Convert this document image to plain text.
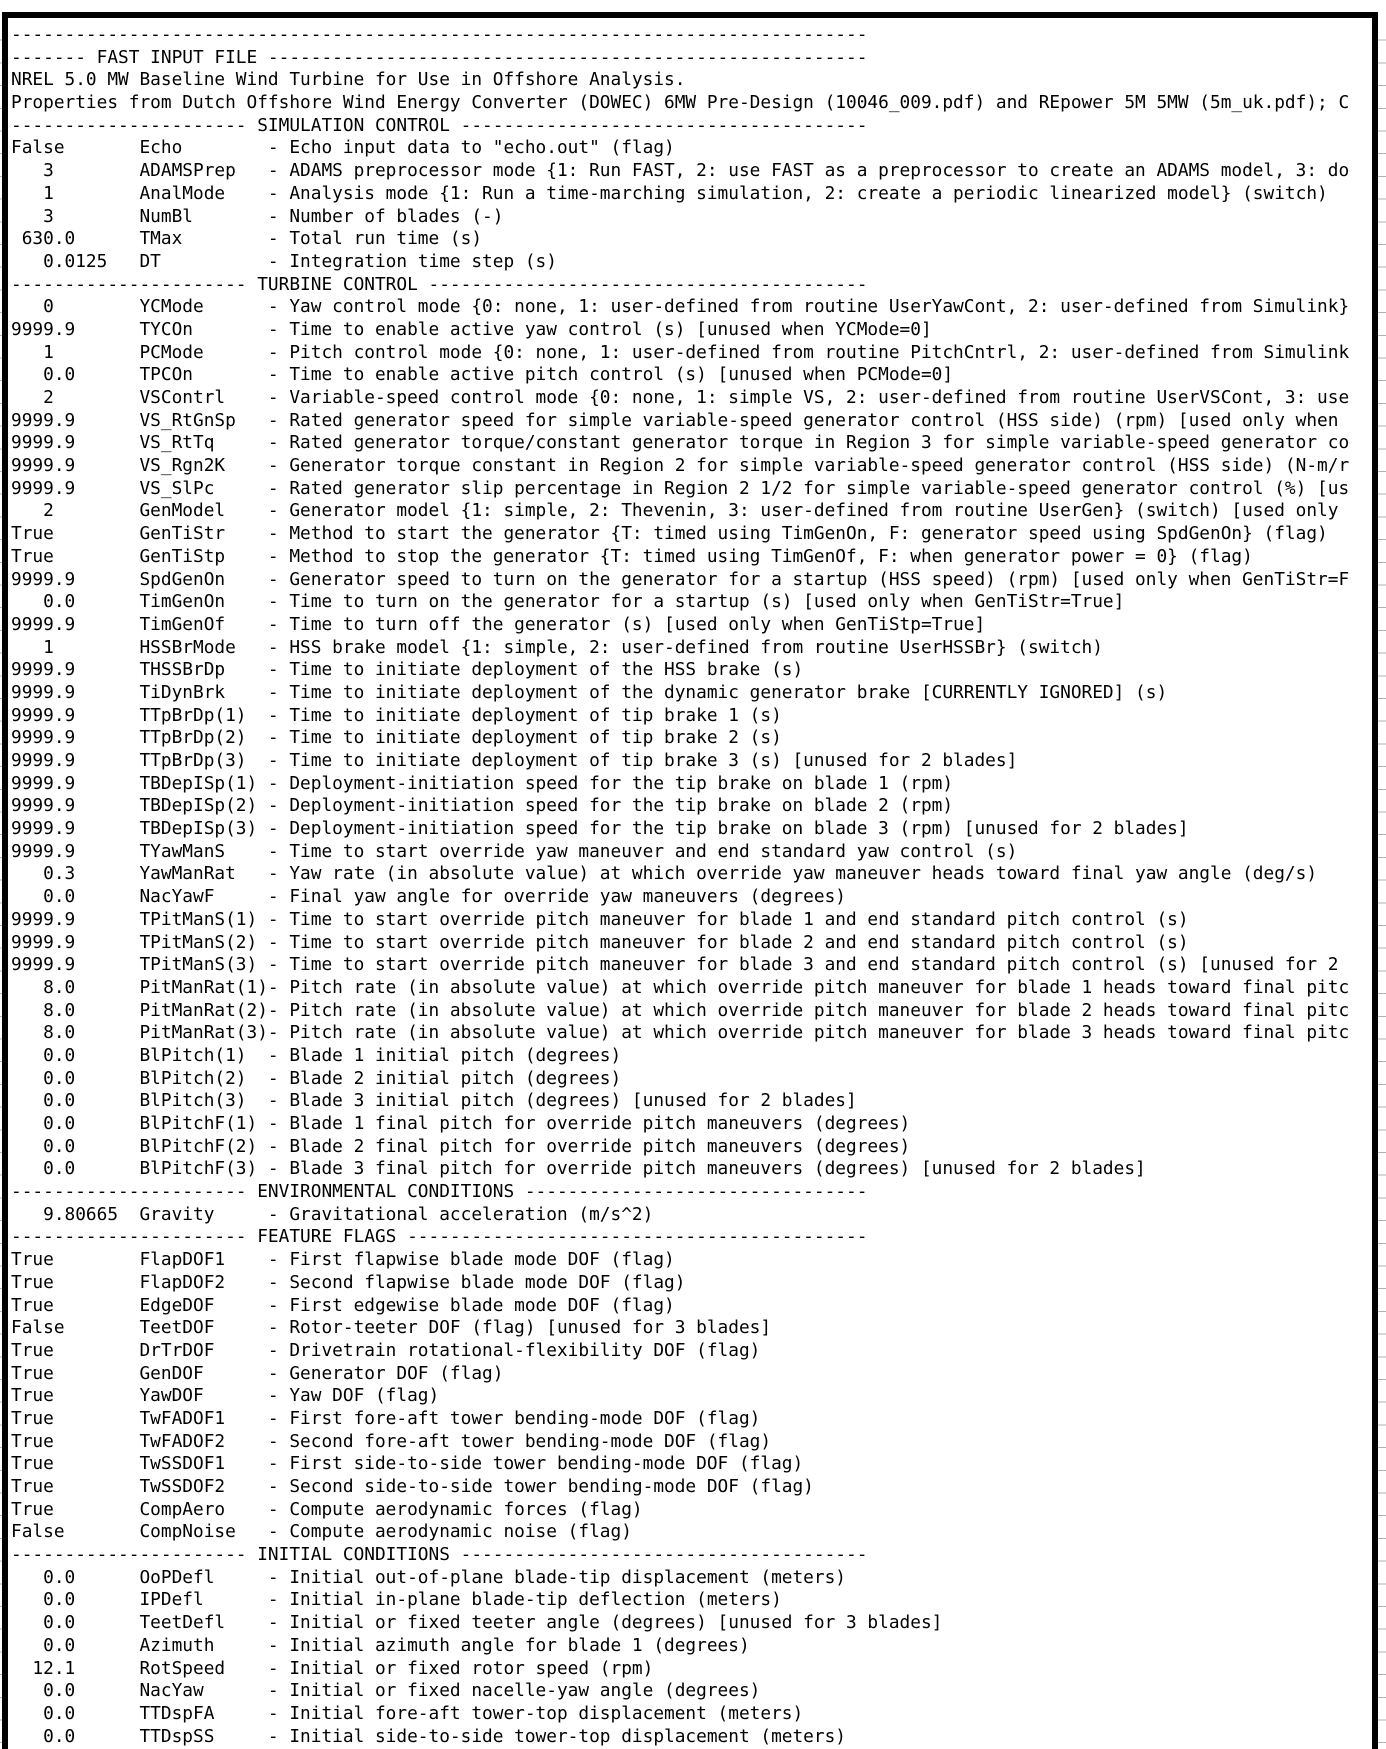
--------------------------------------------------------------------------------
------- FAST INPUT FILE --------------------------------------------------------
NREL 5.0 MW Baseline Wind Turbine for Use in Offshore Analysis.
Properties from Dutch Offshore Wind Energy Converter (DOWEC) 6MW Pre-Design (10046_009.pdf) and REpower 5M 5MW (5m_uk.pdf); C
---------------------- SIMULATION CONTROL --------------------------------------
False       Echo        - Echo input data to "echo.out" (flag)
3        ADAMSPrep   - ADAMS preprocessor mode {1: Run FAST, 2: use FAST as a preprocessor to create an ADAMS model, 3: do
1        AnalMode    - Analysis mode {1: Run a time-marching simulation, 2: create a periodic linearized model} (switch)
3        NumBl       - Number of blades (-)
630.0      TMax        - Total run time (s)
0.0125   DT          - Integration time step (s)
---------------------- TURBINE CONTROL -----------------------------------------
0        YCMode      - Yaw control mode {0: none, 1: user-defined from routine UserYawCont, 2: user-defined from Simulink}
9999.9      TYCOn       - Time to enable active yaw control (s) [unused when YCMode=0]
1        PCMode      - Pitch control mode {0: none, 1: user-defined from routine PitchCntrl, 2: user-defined from Simulink
0.0      TPCOn       - Time to enable active pitch control (s) [unused when PCMode=0]
2        VSContrl    - Variable-speed control mode {0: none, 1: simple VS, 2: user-defined from routine UserVSCont, 3: use
9999.9      VS_RtGnSp   - Rated generator speed for simple variable-speed generator control (HSS side) (rpm) [used only when
9999.9      VS_RtTq     - Rated generator torque/constant generator torque in Region 3 for simple variable-speed generator co
9999.9      VS_Rgn2K    - Generator torque constant in Region 2 for simple variable-speed generator control (HSS side) (N-m/r
9999.9      VS_SlPc     - Rated generator slip percentage in Region 2 1/2 for simple variable-speed generator control (%) [us
2        GenModel    - Generator model {1: simple, 2: Thevenin, 3: user-defined from routine UserGen} (switch) [used only
True        GenTiStr    - Method to start the generator {T: timed using TimGenOn, F: generator speed using SpdGenOn} (flag)
True        GenTiStp    - Method to stop the generator {T: timed using TimGenOf, F: when generator power = 0} (flag)
9999.9      SpdGenOn    - Generator speed to turn on the generator for a startup (HSS speed) (rpm) [used only when GenTiStr=F
0.0      TimGenOn    - Time to turn on the generator for a startup (s) [used only when GenTiStr=True]
9999.9      TimGenOf    - Time to turn off the generator (s) [used only when GenTiStp=True]
1        HSSBrMode   - HSS brake model {1: simple, 2: user-defined from routine UserHSSBr} (switch)
9999.9      THSSBrDp    - Time to initiate deployment of the HSS brake (s)
9999.9      TiDynBrk    - Time to initiate deployment of the dynamic generator brake [CURRENTLY IGNORED] (s)
9999.9      TTpBrDp(1)  - Time to initiate deployment of tip brake 1 (s)
9999.9      TTpBrDp(2)  - Time to initiate deployment of tip brake 2 (s)
9999.9      TTpBrDp(3)  - Time to initiate deployment of tip brake 3 (s) [unused for 2 blades]
9999.9      TBDepISp(1) - Deployment-initiation speed for the tip brake on blade 1 (rpm)
9999.9      TBDepISp(2) - Deployment-initiation speed for the tip brake on blade 2 (rpm)
9999.9      TBDepISp(3) - Deployment-initiation speed for the tip brake on blade 3 (rpm) [unused for 2 blades]
9999.9      TYawManS    - Time to start override yaw maneuver and end standard yaw control (s)
0.3      YawManRat   - Yaw rate (in absolute value) at which override yaw maneuver heads toward final yaw angle (deg/s)
0.0      NacYawF     - Final yaw angle for override yaw maneuvers (degrees)
9999.9      TPitManS(1) - Time to start override pitch maneuver for blade 1 and end standard pitch control (s)
9999.9      TPitManS(2) - Time to start override pitch maneuver for blade 2 and end standard pitch control (s)
9999.9      TPitManS(3) - Time to start override pitch maneuver for blade 3 and end standard pitch control (s) [unused for 2
8.0      PitManRat(1)- Pitch rate (in absolute value) at which override pitch maneuver for blade 1 heads toward final pitc
8.0      PitManRat(2)- Pitch rate (in absolute value) at which override pitch maneuver for blade 2 heads toward final pitc
8.0      PitManRat(3)- Pitch rate (in absolute value) at which override pitch maneuver for blade 3 heads toward final pitc
0.0      BlPitch(1)  - Blade 1 initial pitch (degrees)
0.0      BlPitch(2)  - Blade 2 initial pitch (degrees)
0.0      BlPitch(3)  - Blade 3 initial pitch (degrees) [unused for 2 blades]
0.0      BlPitchF(1) - Blade 1 final pitch for override pitch maneuvers (degrees)
0.0      BlPitchF(2) - Blade 2 final pitch for override pitch maneuvers (degrees)
0.0      BlPitchF(3) - Blade 3 final pitch for override pitch maneuvers (degrees) [unused for 2 blades]
---------------------- ENVIRONMENTAL CONDITIONS --------------------------------
9.80665  Gravity     - Gravitational acceleration (m/s^2)
---------------------- FEATURE FLAGS -------------------------------------------
True        FlapDOF1    - First flapwise blade mode DOF (flag)
True        FlapDOF2    - Second flapwise blade mode DOF (flag)
True        EdgeDOF     - First edgewise blade mode DOF (flag)
False       TeetDOF     - Rotor-teeter DOF (flag) [unused for 3 blades]
True        DrTrDOF     - Drivetrain rotational-flexibility DOF (flag)
True        GenDOF      - Generator DOF (flag)
True        YawDOF      - Yaw DOF (flag)
True        TwFADOF1    - First fore-aft tower bending-mode DOF (flag)
True        TwFADOF2    - Second fore-aft tower bending-mode DOF (flag)
True        TwSSDOF1    - First side-to-side tower bending-mode DOF (flag)
True        TwSSDOF2    - Second side-to-side tower bending-mode DOF (flag)
True        CompAero    - Compute aerodynamic forces (flag)
False       CompNoise   - Compute aerodynamic noise (flag)
---------------------- INITIAL CONDITIONS --------------------------------------
0.0      OoPDefl     - Initial out-of-plane blade-tip displacement (meters)
0.0      IPDefl      - Initial in-plane blade-tip deflection (meters)
0.0      TeetDefl    - Initial or fixed teeter angle (degrees) [unused for 3 blades]
0.0      Azimuth     - Initial azimuth angle for blade 1 (degrees)
12.1      RotSpeed    - Initial or fixed rotor speed (rpm)
0.0      NacYaw      - Initial or fixed nacelle-yaw angle (degrees)
0.0      TTDspFA     - Initial fore-aft tower-top displacement (meters)
0.0      TTDspSS     - Initial side-to-side tower-top displacement (meters)
